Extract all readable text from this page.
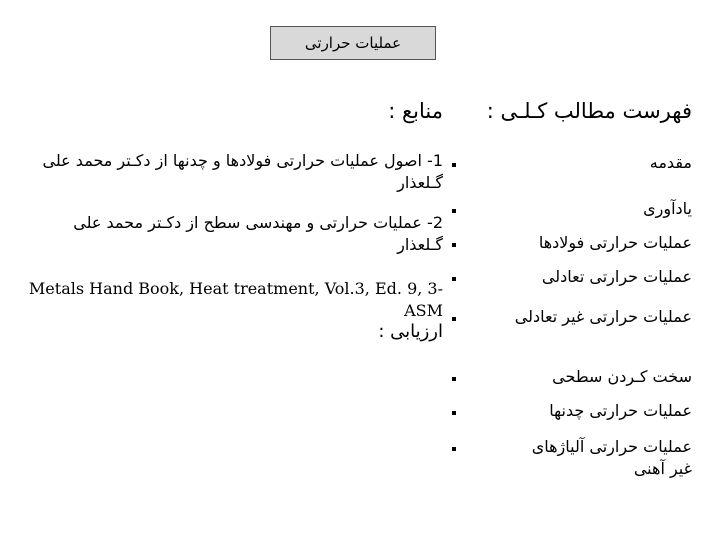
عملیات حرارتی
فهرست مطالب کـلـی :
مقدمه
یادآوری
عملیات حرارتی فولادها
عملیات حرارتی تعادلی
عملیات حرارتی غیر تعادلی
سخت کـردن سطحی
عملیات حرارتی چدنها
عملیات حرارتی آلیاژهای غیر آهنی
منابع :
1- اصول عملیات حرارتی فولادها و چدنها از دکـتر محمد علی گـلعذار
2- عملیات حرارتی و مهندسی سطح از دکـتر محمد علی گـلعذار
Metals Hand Book, Heat treatment, Vol.3, Ed. 9, 3- ASM
ارزیابی :
